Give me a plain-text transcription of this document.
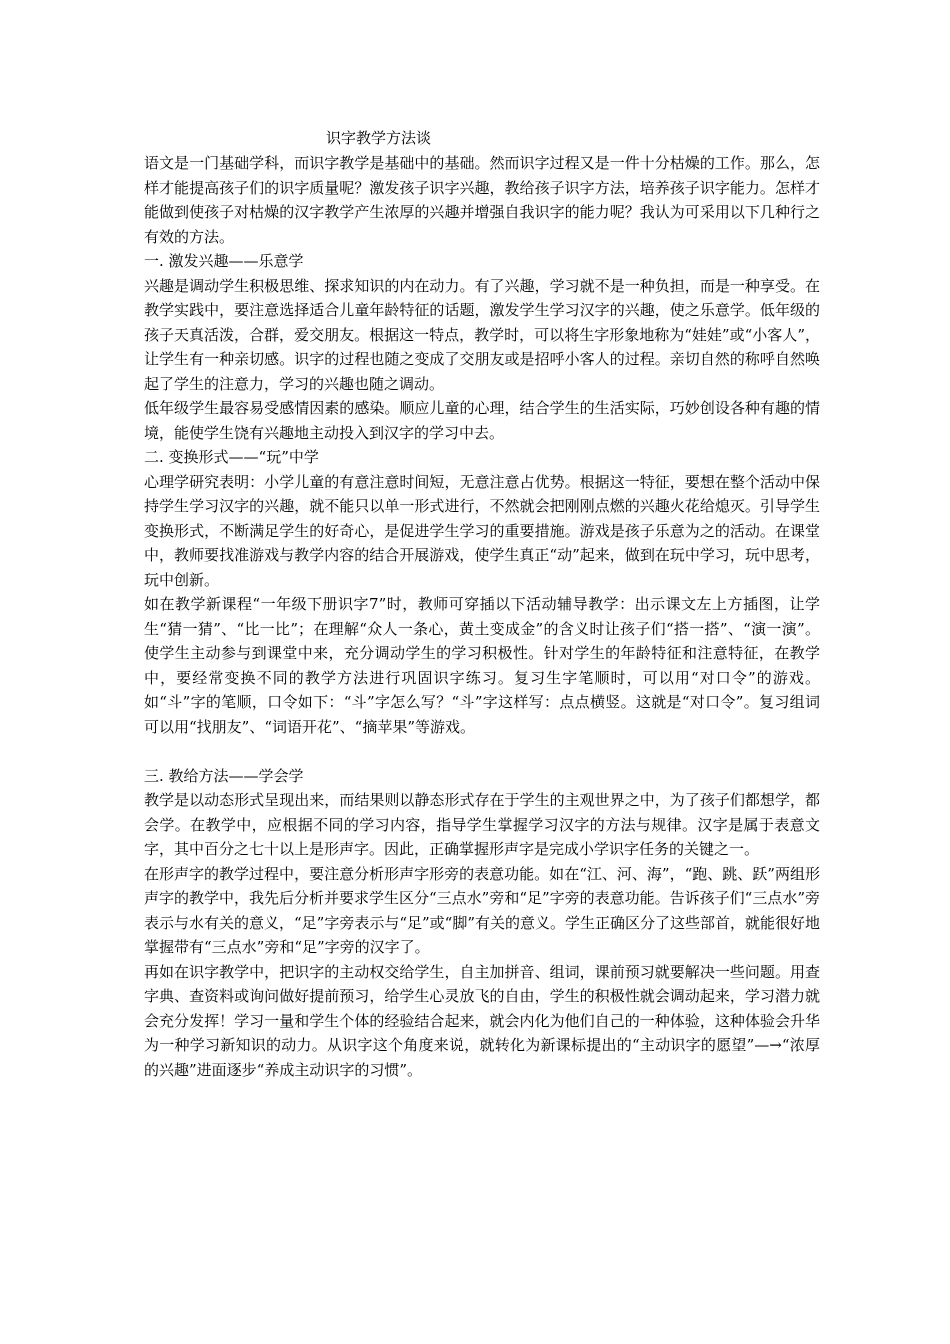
识字教学方法谈

语文是一门基础学科，而识字教学是基础中的基础。然而识字过程又是一件十分枯燥的工作。那么，怎样才能提高孩子们的识字质量呢？激发孩子识字兴趣，教给孩子识字方法，培养孩子识字能力。怎样才能做到使孩子对枯燥的汉字教学产生浓厚的兴趣并增强自我识字的能力呢？我认为可采用以下几种行之有效的方法。

一. 激发兴趣——乐意学

兴趣是调动学生积极思维、探求知识的内在动力。有了兴趣，学习就不是一种负担，而是一种享受。在教学实践中，要注意选择适合儿童年龄特征的话题，激发学生学习汉字的兴趣，使之乐意学。低年级的孩子天真活泼，合群，爱交朋友。根据这一特点，教学时，可以将生字形象地称为“娃娃”或“小客人”，让学生有一种亲切感。识字的过程也随之变成了交朋友或是招呼小客人的过程。亲切自然的称呼自然唤起了学生的注意力，学习的兴趣也随之调动。

低年级学生最容易受感情因素的感染。顺应儿童的心理，结合学生的生活实际，巧妙创设各种有趣的情境，能使学生饶有兴趣地主动投入到汉字的学习中去。

二. 变换形式——“玩”中学

心理学研究表明：小学儿童的有意注意时间短，无意注意占优势。根据这一特征，要想在整个活动中保持学生学习汉字的兴趣，就不能只以单一形式进行，不然就会把刚刚点燃的兴趣火花给熄灭。引导学生变换形式，不断满足学生的好奇心，是促进学生学习的重要措施。游戏是孩子乐意为之的活动。在课堂中，教师要找准游戏与教学内容的结合开展游戏，使学生真正“动”起来，做到在玩中学习，玩中思考，玩中创新。

如在教学新课程“一年级下册识字7”时，教师可穿插以下活动辅导教学：出示课文左上方插图，让学生“猜一猜”、“比一比”；在理解“众人一条心，黄土变成金”的含义时让孩子们“搭一搭”、“演一演”。使学生主动参与到课堂中来，充分调动学生的学习积极性。针对学生的年龄特征和注意特征，在教学中，要经常变换不同的教学方法进行巩固识字练习。复习生字笔顺时，可以用“对口令”的游戏。如“斗”字的笔顺，口令如下：“斗”字怎么写？“斗”字这样写：点点横竖。这就是“对口令”。复习组词可以用“找朋友”、“词语开花”、“摘苹果”等游戏。

三. 教给方法——学会学

教学是以动态形式呈现出来，而结果则以静态形式存在于学生的主观世界之中，为了孩子们都想学，都会学。在教学中，应根据不同的学习内容，指导学生掌握学习汉字的方法与规律。汉字是属于表意文字，其中百分之七十以上是形声字。因此，正确掌握形声字是完成小学识字任务的关键之一。

在形声字的教学过程中，要注意分析形声字形旁的表意功能。如在“江、河、海”，“跑、跳、跃”两组形声字的教学中，我先后分析并要求学生区分“三点水”旁和“足”字旁的表意功能。告诉孩子们“三点水”旁表示与水有关的意义，“足”字旁表示与“足”或“脚”有关的意义。学生正确区分了这些部首，就能很好地掌握带有“三点水”旁和“足”字旁的汉字了。

再如在识字教学中，把识字的主动权交给学生，自主加拼音、组词，课前预习就要解决一些问题。用查字典、查资料或询问做好提前预习，给学生心灵放飞的自由，学生的积极性就会调动起来，学习潜力就会充分发挥！学习一量和学生个体的经验结合起来，就会内化为他们自己的一种体验，这种体验会升华为一种学习新知识的动力。从识字这个角度来说，就转化为新课标提出的“主动识字的愿望”—→“浓厚的兴趣”进面逐步“养成主动识字的习惯”。
